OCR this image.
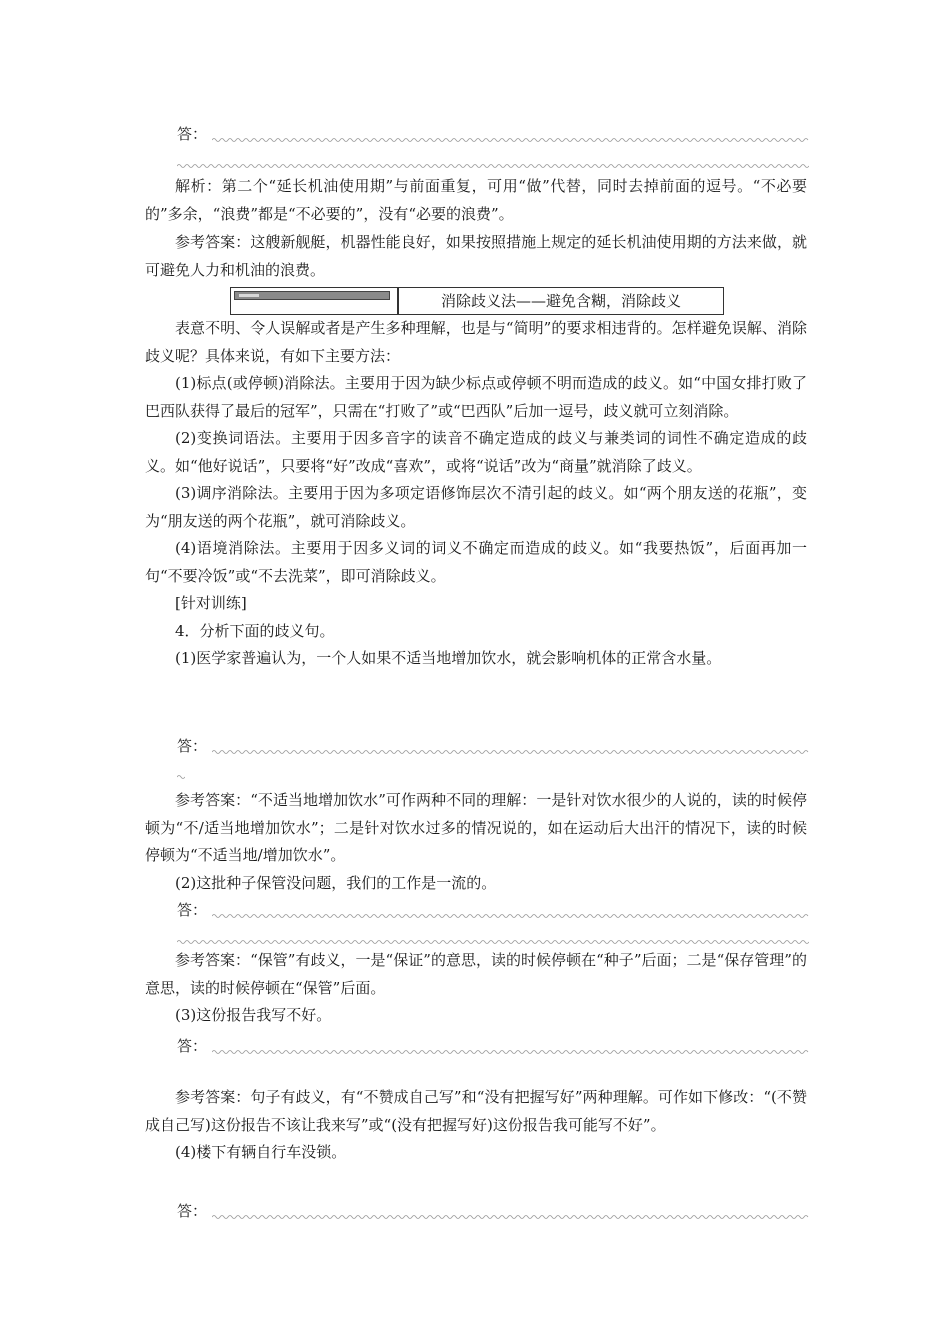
答：

解析：第二个“延长机油使用期”与前面重复，可用“做”代替，同时去掉前面的逗号。“不必要的”多余，“浪费”都是“不必要的”，没有“必要的浪费”。

参考答案：这艘新舰艇，机器性能良好，如果按照措施上规定的延长机油使用期的方法来做，就可避免人力和机油的浪费。

消除歧义法——避免含糊，消除歧义

表意不明、令人误解或者是产生多种理解，也是与“简明”的要求相违背的。怎样避免误解、消除歧义呢？具体来说，有如下主要方法：

(1)标点(或停顿)消除法。主要用于因为缺少标点或停顿不明而造成的歧义。如“中国女排打败了巴西队获得了最后的冠军”，只需在“打败了”或“巴西队”后加一逗号，歧义就可立刻消除。

(2)变换词语法。主要用于因多音字的读音不确定造成的歧义与兼类词的词性不确定造成的歧义。如“他好说话”，只要将“好”改成“喜欢”，或将“说话”改为“商量”就消除了歧义。

(3)调序消除法。主要用于因为多项定语修饰层次不清引起的歧义。如“两个朋友送的花瓶”，变为“朋友送的两个花瓶”，就可消除歧义。

(4)语境消除法。主要用于因多义词的词义不确定而造成的歧义。如“我要热饭”，后面再加一句“不要冷饭”或“不去洗菜”，即可消除歧义。

[针对训练]

4．分析下面的歧义句。

(1)医学家普遍认为，一个人如果不适当地增加饮水，就会影响机体的正常含水量。

答：

参考答案：“不适当地增加饮水”可作两种不同的理解：一是针对饮水很少的人说的，读的时候停顿为“不/适当地增加饮水”；二是针对饮水过多的情况说的，如在运动后大出汗的情况下，读的时候停顿为“不适当地/增加饮水”。

(2)这批种子保管没问题，我们的工作是一流的。

答：

参考答案：“保管”有歧义，一是“保证”的意思，读的时候停顿在“种子”后面；二是“保存管理”的意思，读的时候停顿在“保管”后面。

(3)这份报告我写不好。

答：

参考答案：句子有歧义，有“不赞成自己写”和“没有把握写好”两种理解。可作如下修改：“(不赞成自己写)这份报告不该让我来写”或“(没有把握写好)这份报告我可能写不好”。

(4)楼下有辆自行车没锁。

答：
